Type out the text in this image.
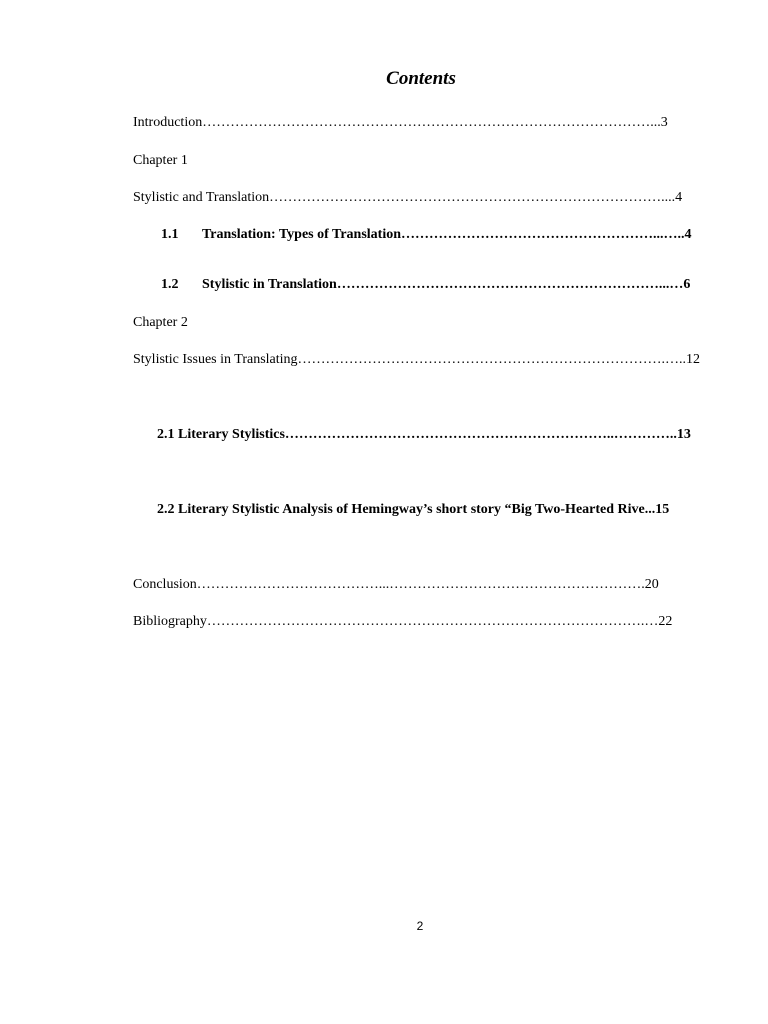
Contents
Introduction……………………………………………………………………………………...3
Chapter 1
Stylistic and Translation…………………………………………………………………………....4
1.1 Translation: Types of Translation………………………………………………...…..4
1.2 Stylistic in Translation……………………………………………………………...…6
Chapter 2
Stylistic Issues in Translating…………………………………………………………………….…..12
2.1 Literary Stylistics……………………………………………………………..…………..13
2.2 Literary Stylistic Analysis of Hemingway’s short story “Big Two-Hearted Rive...15
Conclusion…………………………………...……………………………………………….20
Bibliography………………………………………………………………………………….…22
2
